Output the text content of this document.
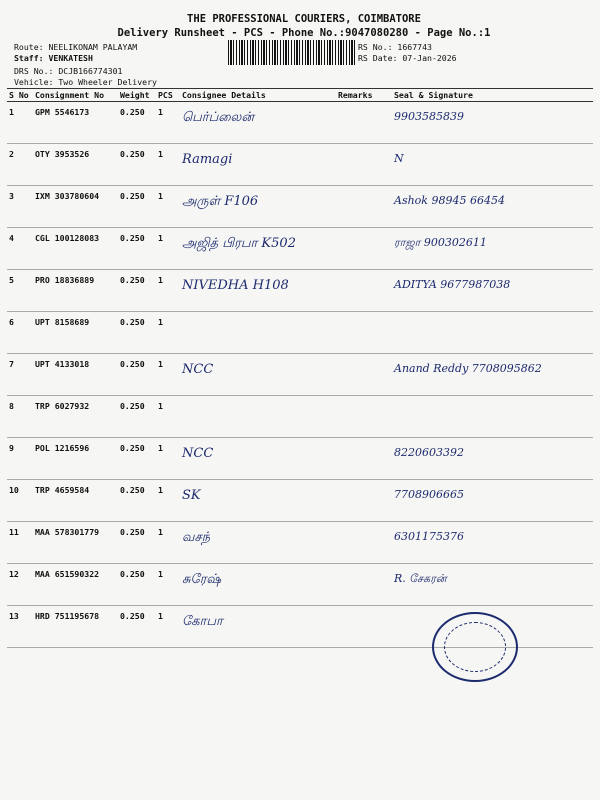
THE PROFESSIONAL COURIERS, COIMBATORE
Delivery Runsheet - PCS - Phone No.:9047080280 - Page No.:1
Route: NEELIKONAM PALAYAM
Staff: VENKATESH
DRS No.: DCJB166774301
Vehicle: Two Wheeler Delivery
RS No.: 1667743
RS Date: 07-Jan-2026
S No	Consignment No	Weight	PCS	Consignee Details	Remarks	Seal & Signature
1	GPM 5546173	0.250	1	பெர்ப்லைன்		9903585839
2	OTY 3953526	0.250	1	Ramagi		N
3	IXM 303780604	0.250	1	அருள் F106		Ashok 98945 66454
4	CGL 100128083	0.250	1	அஜித் பிரபா K502		ராஜா 900302611
5	PRO 18836889	0.250	1	NIVEDHA H108		ADITYA 9677987038
6	UPT 8158689	0.250	1			
7	UPT 4133018	0.250	1	NCC		Anand Reddy 7708095862
8	TRP 6027932	0.250	1			
9	POL 1216596	0.250	1	NCC		8220603392
10	TRP 4659584	0.250	1	SK		7708906665
11	MAA 578301779	0.250	1	வசந்		6301175376
12	MAA 651590322	0.250	1	சுரேஷ்		R. சேகரன்
13	HRD 751195678	0.250	1	கோபா		
